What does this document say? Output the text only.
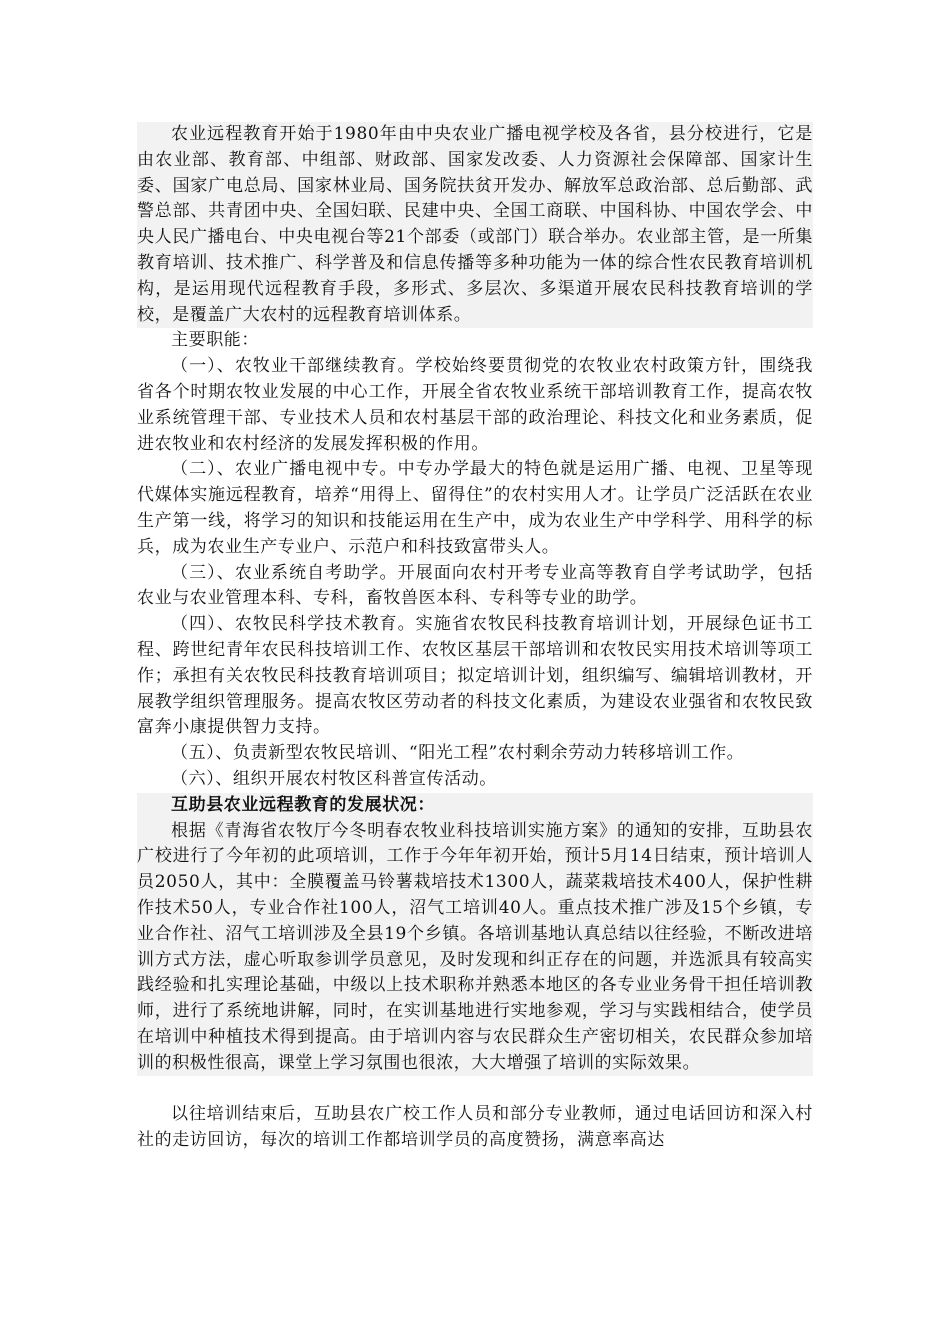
农业远程教育开始于1980年由中央农业广播电视学校及各省，县分校进行，它是由农业部、教育部、中组部、财政部、国家发改委、人力资源社会保障部、国家计生委、国家广电总局、国家林业局、国务院扶贫开发办、解放军总政治部、总后勤部、武警总部、共青团中央、全国妇联、民建中央、全国工商联、中国科协、中国农学会、中央人民广播电台、中央电视台等21个部委（或部门）联合举办。农业部主管，是一所集教育培训、技术推广、科学普及和信息传播等多种功能为一体的综合性农民教育培训机构，是运用现代远程教育手段，多形式、多层次、多渠道开展农民科技教育培训的学校，是覆盖广大农村的远程教育培训体系。

主要职能：

（一）、农牧业干部继续教育。学校始终要贯彻党的农牧业农村政策方针，围绕我省各个时期农牧业发展的中心工作，开展全省农牧业系统干部培训教育工作，提高农牧业系统管理干部、专业技术人员和农村基层干部的政治理论、科技文化和业务素质，促进农牧业和农村经济的发展发挥积极的作用。

（二）、农业广播电视中专。中专办学最大的特色就是运用广播、电视、卫星等现代媒体实施远程教育，培养“用得上、留得住”的农村实用人才。让学员广泛活跃在农业生产第一线，将学习的知识和技能运用在生产中，成为农业生产中学科学、用科学的标兵，成为农业生产专业户、示范户和科技致富带头人。

（三）、农业系统自考助学。开展面向农村开考专业高等教育自学考试助学，包括农业与农业管理本科、专科，畜牧兽医本科、专科等专业的助学。

（四）、农牧民科学技术教育。实施省农牧民科技教育培训计划，开展绿色证书工程、跨世纪青年农民科技培训工作、农牧区基层干部培训和农牧民实用技术培训等项工作；承担有关农牧民科技教育培训项目；拟定培训计划，组织编写、编辑培训教材，开展教学组织管理服务。提高农牧区劳动者的科技文化素质，为建设农业强省和农牧民致富奔小康提供智力支持。

（五）、负责新型农牧民培训、“阳光工程”农村剩余劳动力转移培训工作。

（六）、组织开展农村牧区科普宣传活动。

互助县农业远程教育的发展状况：

根据《青海省农牧厅今冬明春农牧业科技培训实施方案》的通知的安排，互助县农广校进行了今年初的此项培训，工作于今年年初开始，预计5月14日结束，预计培训人员2050人，其中：全膜覆盖马铃薯栽培技术1300人，蔬菜栽培技术400人，保护性耕作技术50人，专业合作社100人，沼气工培训40人。重点技术推广涉及15个乡镇，专业合作社、沼气工培训涉及全县19个乡镇。各培训基地认真总结以往经验，不断改进培训方式方法，虚心听取参训学员意见，及时发现和纠正存在的问题，并选派具有较高实践经验和扎实理论基础，中级以上技术职称并熟悉本地区的各专业业务骨干担任培训教师，进行了系统地讲解，同时，在实训基地进行实地参观，学习与实践相结合，使学员在培训中种植技术得到提高。由于培训内容与农民群众生产密切相关，农民群众参加培训的积极性很高，课堂上学习氛围也很浓，大大增强了培训的实际效果。

以往培训结束后，互助县农广校工作人员和部分专业教师，通过电话回访和深入村社的走访回访，每次的培训工作都培训学员的高度赞扬，满意率高达
